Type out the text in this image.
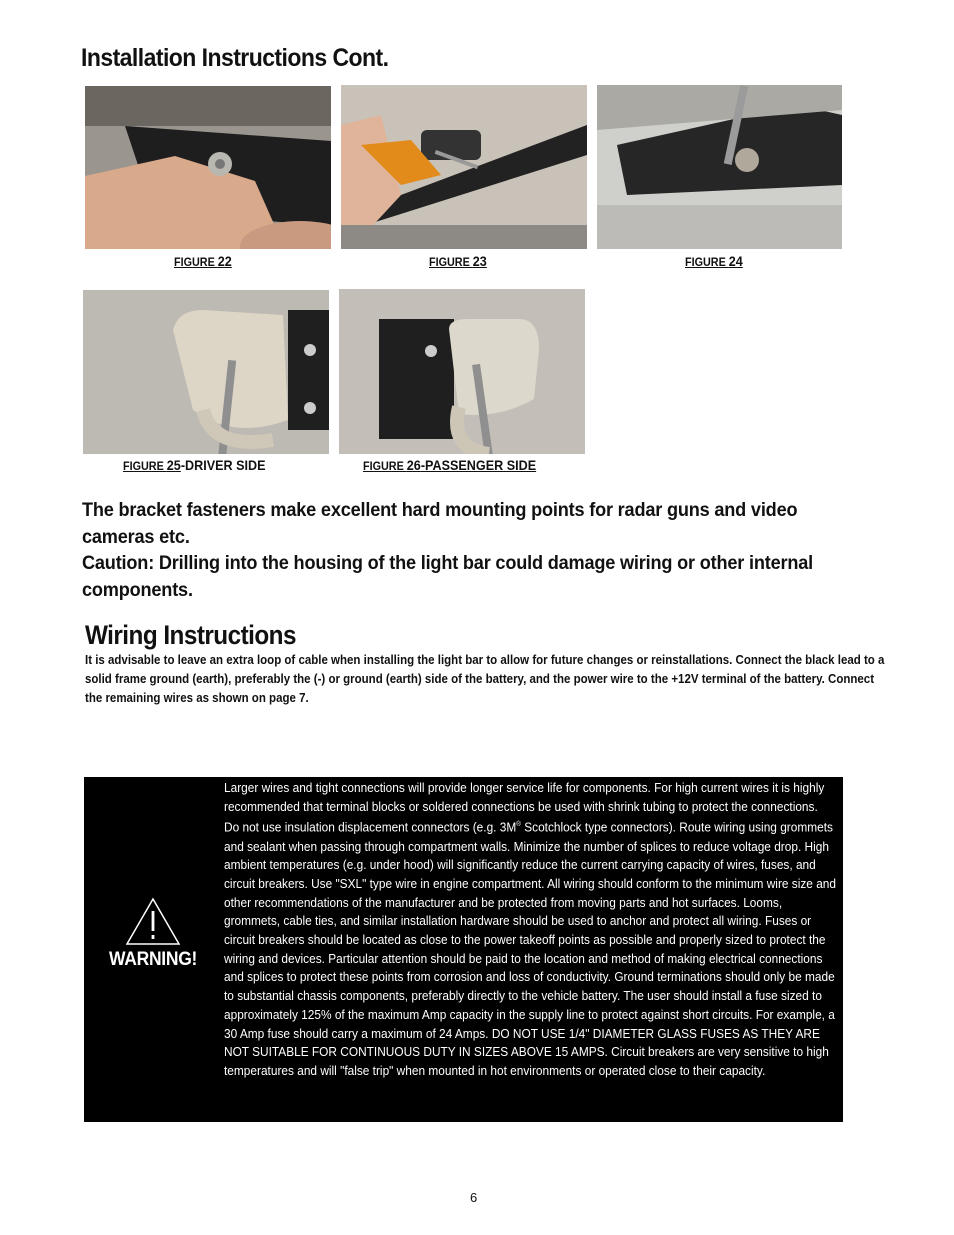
Installation Instructions Cont.
FIGURE 22	FIGURE 23	FIGURE 24
FIGURE 25-DRIVER SIDE	FIGURE 26-PASSENGER SIDE

The bracket fasteners make excellent hard mounting points for radar guns and video cameras etc.

Caution: Drilling into the housing of the light bar could damage wiring or other internal components.

Wiring Instructions

It is advisable to leave an extra loop of cable when installing the light bar to allow for future changes or reinstallations. Connect the black lead to a solid frame ground (earth), preferably the (-) or ground (earth) side of the battery, and the power wire to the +12V terminal of the battery. Connect the remaining wires as shown on page 7.

WARNING!

Larger wires and tight connections will provide longer service life for components. For high current wires it is highly recommended that terminal blocks or soldered connections be used with shrink tubing to protect the connections. Do not use insulation displacement connectors (e.g. 3M® Scotchlock type connectors). Route wiring using grommets and sealant when passing through compartment walls. Minimize the number of splices to reduce voltage drop. High ambient temperatures (e.g. under hood) will significantly reduce the current carrying capacity of wires, fuses, and circuit breakers. Use "SXL" type wire in engine compartment. All wiring should conform to the minimum wire size and other recommendations of the manufacturer and be protected from moving parts and hot surfaces. Looms, grommets, cable ties, and similar installation hardware should be used to anchor and protect all wiring. Fuses or circuit breakers should be located as close to the power takeoff points as possible and properly sized to protect the wiring and devices. Particular attention should be paid to the location and method of making electrical connections and splices to protect these points from corrosion and loss of conductivity. Ground terminations should only be made to substantial chassis components, preferably directly to the vehicle battery. The user should install a fuse sized to approximately 125% of the maximum Amp capacity in the supply line to protect against short circuits. For example, a 30 Amp fuse should carry a maximum of 24 Amps. DO NOT USE 1/4" DIAMETER GLASS FUSES AS THEY ARE NOT SUITABLE FOR CONTINUOUS DUTY IN SIZES ABOVE 15 AMPS. Circuit breakers are very sensitive to high temperatures and will "false trip" when mounted in hot environments or operated close to their capacity.

6
